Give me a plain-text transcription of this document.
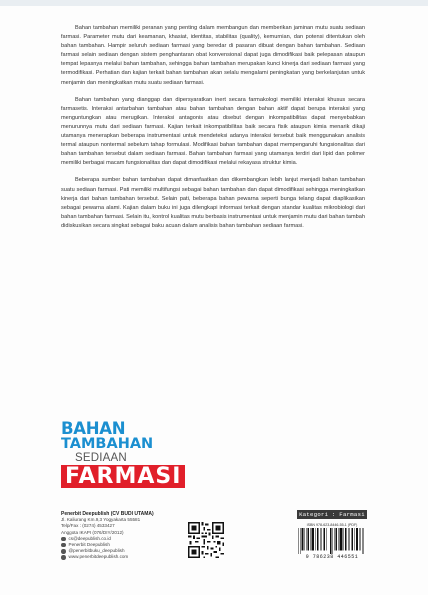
Bahan tambahan memiliki peranan yang penting dalam membangun dan memberikan jaminan mutu suatu sediaan farmasi. Parameter mutu dari keamanan, khasiat, identitas, stabilitas (quality), kemurnian, dan potensi ditentukan oleh bahan tambahan. Hampir seluruh sediaan farmasi yang beredar di pasaran dibuat dengan bahan tambahan. Sediaan farmasi selain sediaan dengan sistem penghantaran obat konvensional dapat juga dimodifikasi baik pelepasan ataupun tempat lepasnya melalui bahan tambahan, sehingga bahan tambahan merupakan kunci kinerja dari sediaan farmasi yang termodifikasi. Perhatian dan kajian terkait bahan tambahan akan selalu mengalami peningkatan yang berkelanjutan untuk menjamin dan meningkatkan mutu suatu sediaan farmasi.

Bahan tambahan yang dianggap dan dipersyaratkan inert secara farmakologi memiliki interaksi khusus secara farmasetis. Interaksi antarbahan tambahan atau bahan tambahan dengan bahan aktif dapat berupa interaksi yang menguntungkan atau merugikan. Interaksi antagonis atau disebut dengan inkompatibilitas dapat menyebabkan menurunnya mutu dari sediaan farmasi. Kajian terkait inkompatibilitas baik secara fisik ataupun kimia menarik dikaji utamanya menerapkan beberapa instrumentasi untuk mendeteksi adanya interaksi tersebut baik menggunakan analisis termal ataupun nontermal sebelum tahap formulasi. Modifikasi bahan tambahan dapat mempengaruhi fungsionalitas dari bahan tambahan tersebut dalam sediaan farmasi. Bahan tambahan farmasi yang utamanya terdiri dari lipid dan polimer memiliki berbagai macam fungsionalitas dan dapat dimodifikasi melalui rekayasa struktur kimia.

Beberapa sumber bahan tambahan dapat dimanfaatkan dan dikembangkan lebih lanjut menjadi bahan tambahan suatu sediaan farmasi. Pati memiliki multifungsi sebagai bahan tambahan dan dapat dimodifikasi sehingga meningkatkan kinerja dari bahan tambahan tersebut. Selain pati, beberapa bahan pewarna seperti bunga telang dapat diaplikasikan sebagai pewarna alami. Kajian dalam buku ini juga dilengkapi informasi terkait dengan standar kualitas mikrobiologi dari bahan tambahan farmasi. Selain itu, kontrol kualitas mutu berbasis instrumentasi untuk menjamin mutu dari bahan tambah didiskusikan secara singkat sebagai baku acuan dalam analisis bahan tambahan sediaan farmasi.

BAHAN
TAMBAHAN
SEDIAAN
FARMASI
Penerbit Deepublish (CV BUDI UTAMA)
Jl. Kaliurang Km.9,3 Yogyakarta 55581
Telp/Fax : (0274) 4533427
Anggota IKAPI (076/DIY/2012)
cs@deepublish.co.id
Penerbit Deepublish
@penerbitbuku_deepublish
www.penerbitdeepublish.com
Kategori : Farmasi
ISBN 978-623-8446-55-1 (PDF)
9 786238 446551
